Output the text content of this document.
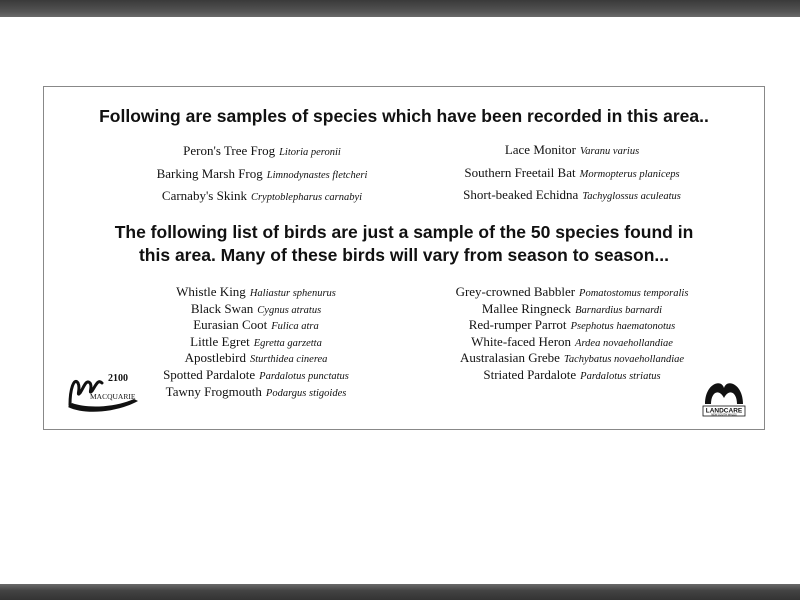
Following are samples of species which have been recorded in this area..
Peron's Tree Frog Litoria peronii
Barking Marsh Frog Limnodynastes fletcheri
Carnaby's Skink Cryptoblepharus carnabyi
Lace Monitor Varanu varius
Southern Freetail Bat Mormopterus planiceps
Short-beaked Echidna Tachyglossus aculeatus
The following list of birds are just a sample of the 50 species found in
this area. Many of these birds will vary from season to season...
Whistle King Haliastur sphenurus
Black Swan Cygnus atratus
Eurasian Coot Fulica atra
Little Egret Egretta garzetta
Apostlebird Sturthidea cinerea
Spotted Pardalote Pardalotus punctatus
Tawny Frogmouth Podargus stigoides
Grey-crowned Babbler Pomatostomus temporalis
Mallee Ringneck Barnardius barnardi
Red-rumper Parrot Psephotus haematonotus
White-faced Heron Ardea novaehollandiae
Australasian Grebe Tachybatus novaehollandiae
Striated Pardalote Pardalotus striatus
2100
MACQUARIE
LANDCARE
NEW SOUTH WALES
